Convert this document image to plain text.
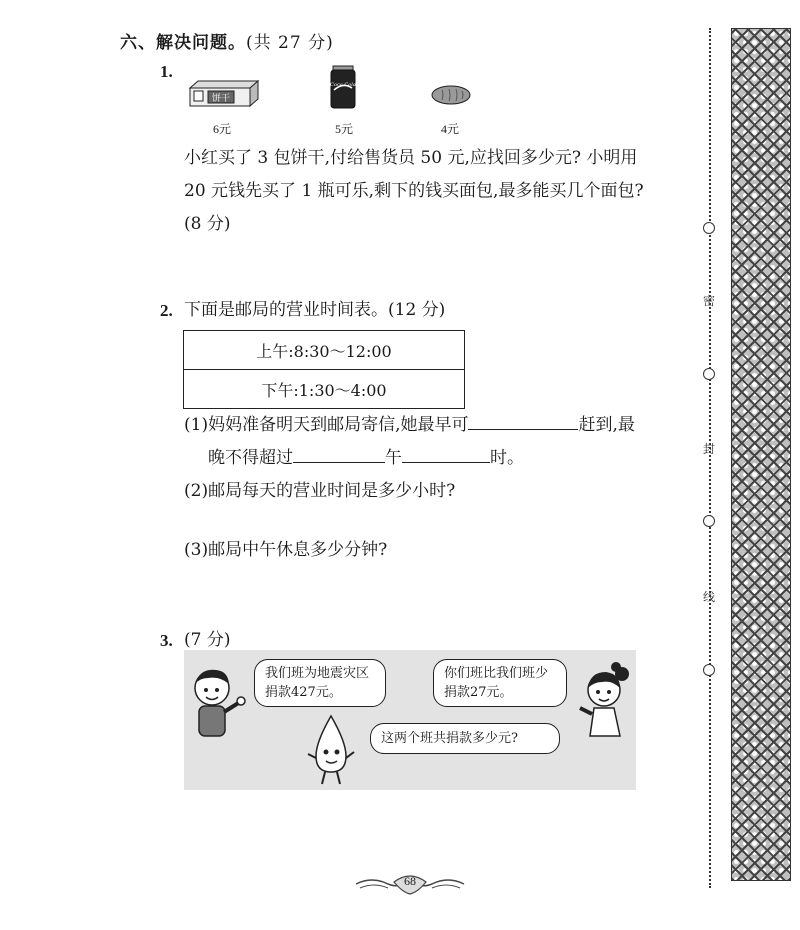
密
封
线
六、解决问题。(共 27 分)
1.
饼干
6元
Coca-Cola
5元	4元
小红买了 3 包饼干,付给售货员 50 元,应找回多少元? 小明用
20 元钱先买了 1 瓶可乐,剩下的钱买面包,最多能买几个面包?
(8 分)
2. 下面是邮局的营业时间表。(12 分)
上午:8:30～12:00
下午:1:30～4:00
(1)妈妈准备明天到邮局寄信,她最早可	赶到,最
晚不得超过	午	时。
(2)邮局每天的营业时间是多少小时?
(3)邮局中午休息多少分钟?
3. (7 分)
我们班为地震灾区捐款427元。
你们班比我们班少捐款27元。
这两个班共捐款多少元?
68
